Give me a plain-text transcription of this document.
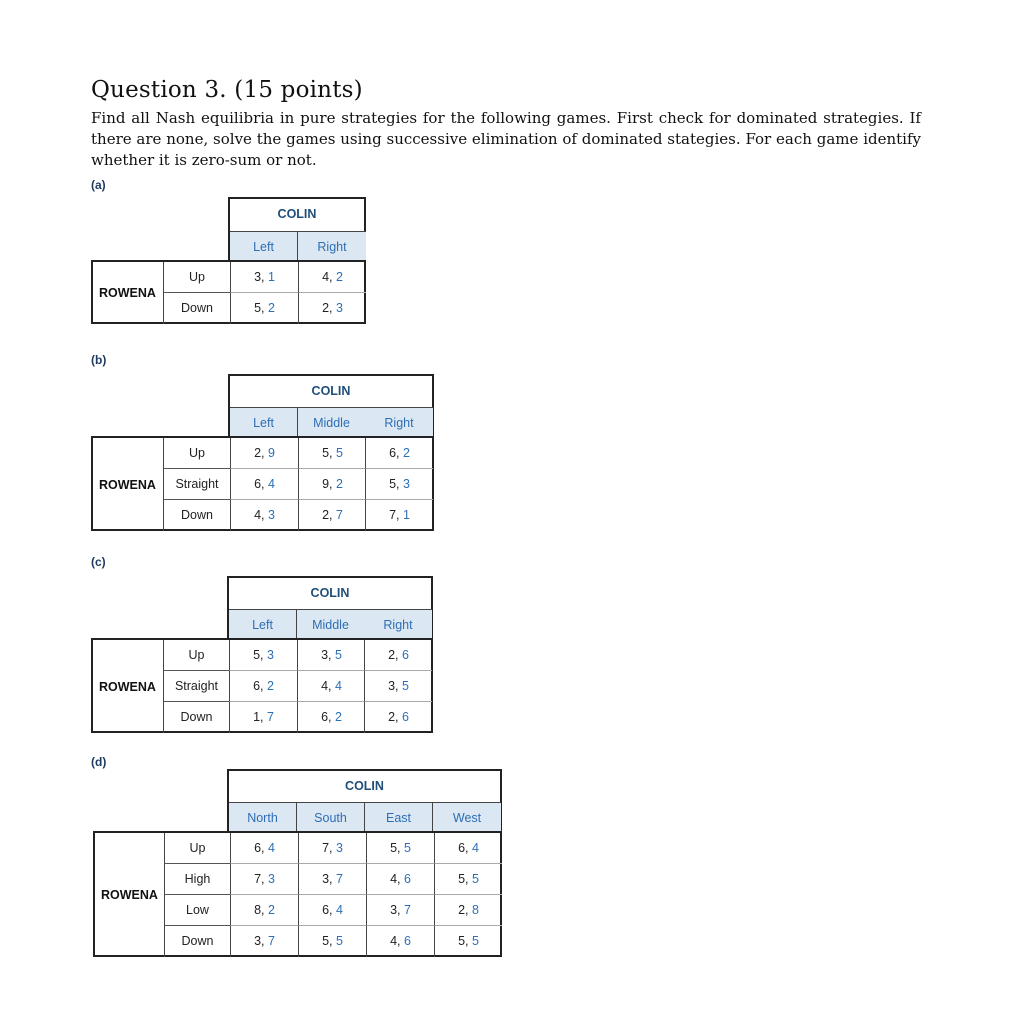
Question 3. (15 points)
Find all Nash equilibria in pure strategies for the following games. First check for dominated strategies. If there are none, solve the games using successive elimination of dominated stategies. For each game identify whether it is zero-sum or not.
(a)
COLIN
Left	Right
ROWENA
Up	3, 1	4, 2
Down	5, 2	2, 3
(b)
COLIN
Left	Middle	Right
ROWENA
Up	2, 9	5, 5	6, 2
Straight	6, 4	9, 2	5, 3
Down	4, 3	2, 7	7, 1
(c)
COLIN
Left	Middle	Right
ROWENA
Up	5, 3	3, 5	2, 6
Straight	6, 2	4, 4	3, 5
Down	1, 7	6, 2	2, 6
(d)
COLIN
North	South	East	West
ROWENA
Up	6, 4	7, 3	5, 5	6, 4
High	7, 3	3, 7	4, 6	5, 5
Low	8, 2	6, 4	3, 7	2, 8
Down	3, 7	5, 5	4, 6	5, 5
